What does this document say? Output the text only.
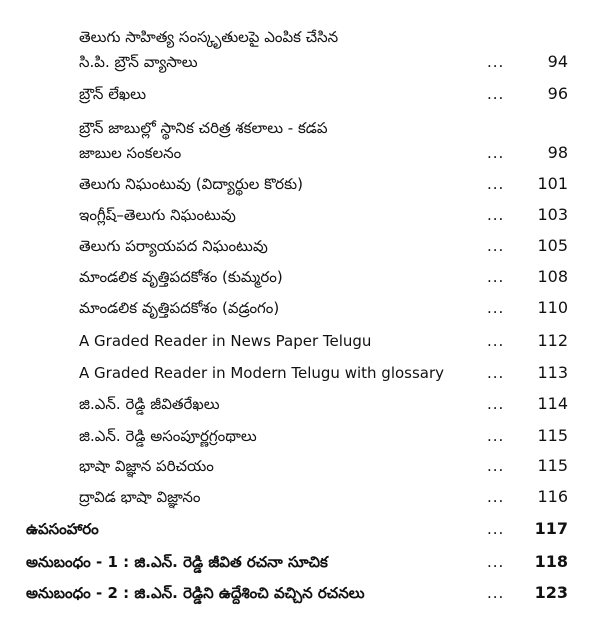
తెలుగు సాహిత్య సంస్కృతులపై ఎంపిక చేసిన
సి.పి. బ్రౌన్ వ్యాసాలు	...	94
బ్రౌన్ లేఖలు	...	96
బ్రౌన్ జాబుల్లో స్థానిక చరిత్ర శకలాలు - కడప
జాబుల సంకలనం	...	98
తెలుగు నిఘంటువు (విద్యార్థుల కొరకు)	...	101
ఇంగ్లీష్–తెలుగు నిఘంటువు	...	103
తెలుగు పర్యాయపద నిఘంటువు	...	105
మాండలిక వృత్తిపదకోశం (కుమ్మరం)	...	108
మాండలిక వృత్తిపదకోశం (వడ్రంగం)	...	110
A Graded Reader in News Paper Telugu	...	112
A Graded Reader in Modern Telugu with glossary	...	113
జి.ఎన్. రెడ్డి జీవితరేఖలు	...	114
జి.ఎన్. రెడ్డి అసంపూర్ణగ్రంథాలు	...	115
భాషా విజ్ఞాన పరిచయం	...	115
ద్రావిడ భాషా విజ్ఞానం	...	116
ఉపసంహారం	...	117
అనుబంధం - 1 : జి.ఎన్. రెడ్డి జీవిత రచనా సూచిక	...	118
అనుబంధం - 2 : జి.ఎన్. రెడ్డిని ఉద్దేశించి వచ్చిన రచనలు	...	123
